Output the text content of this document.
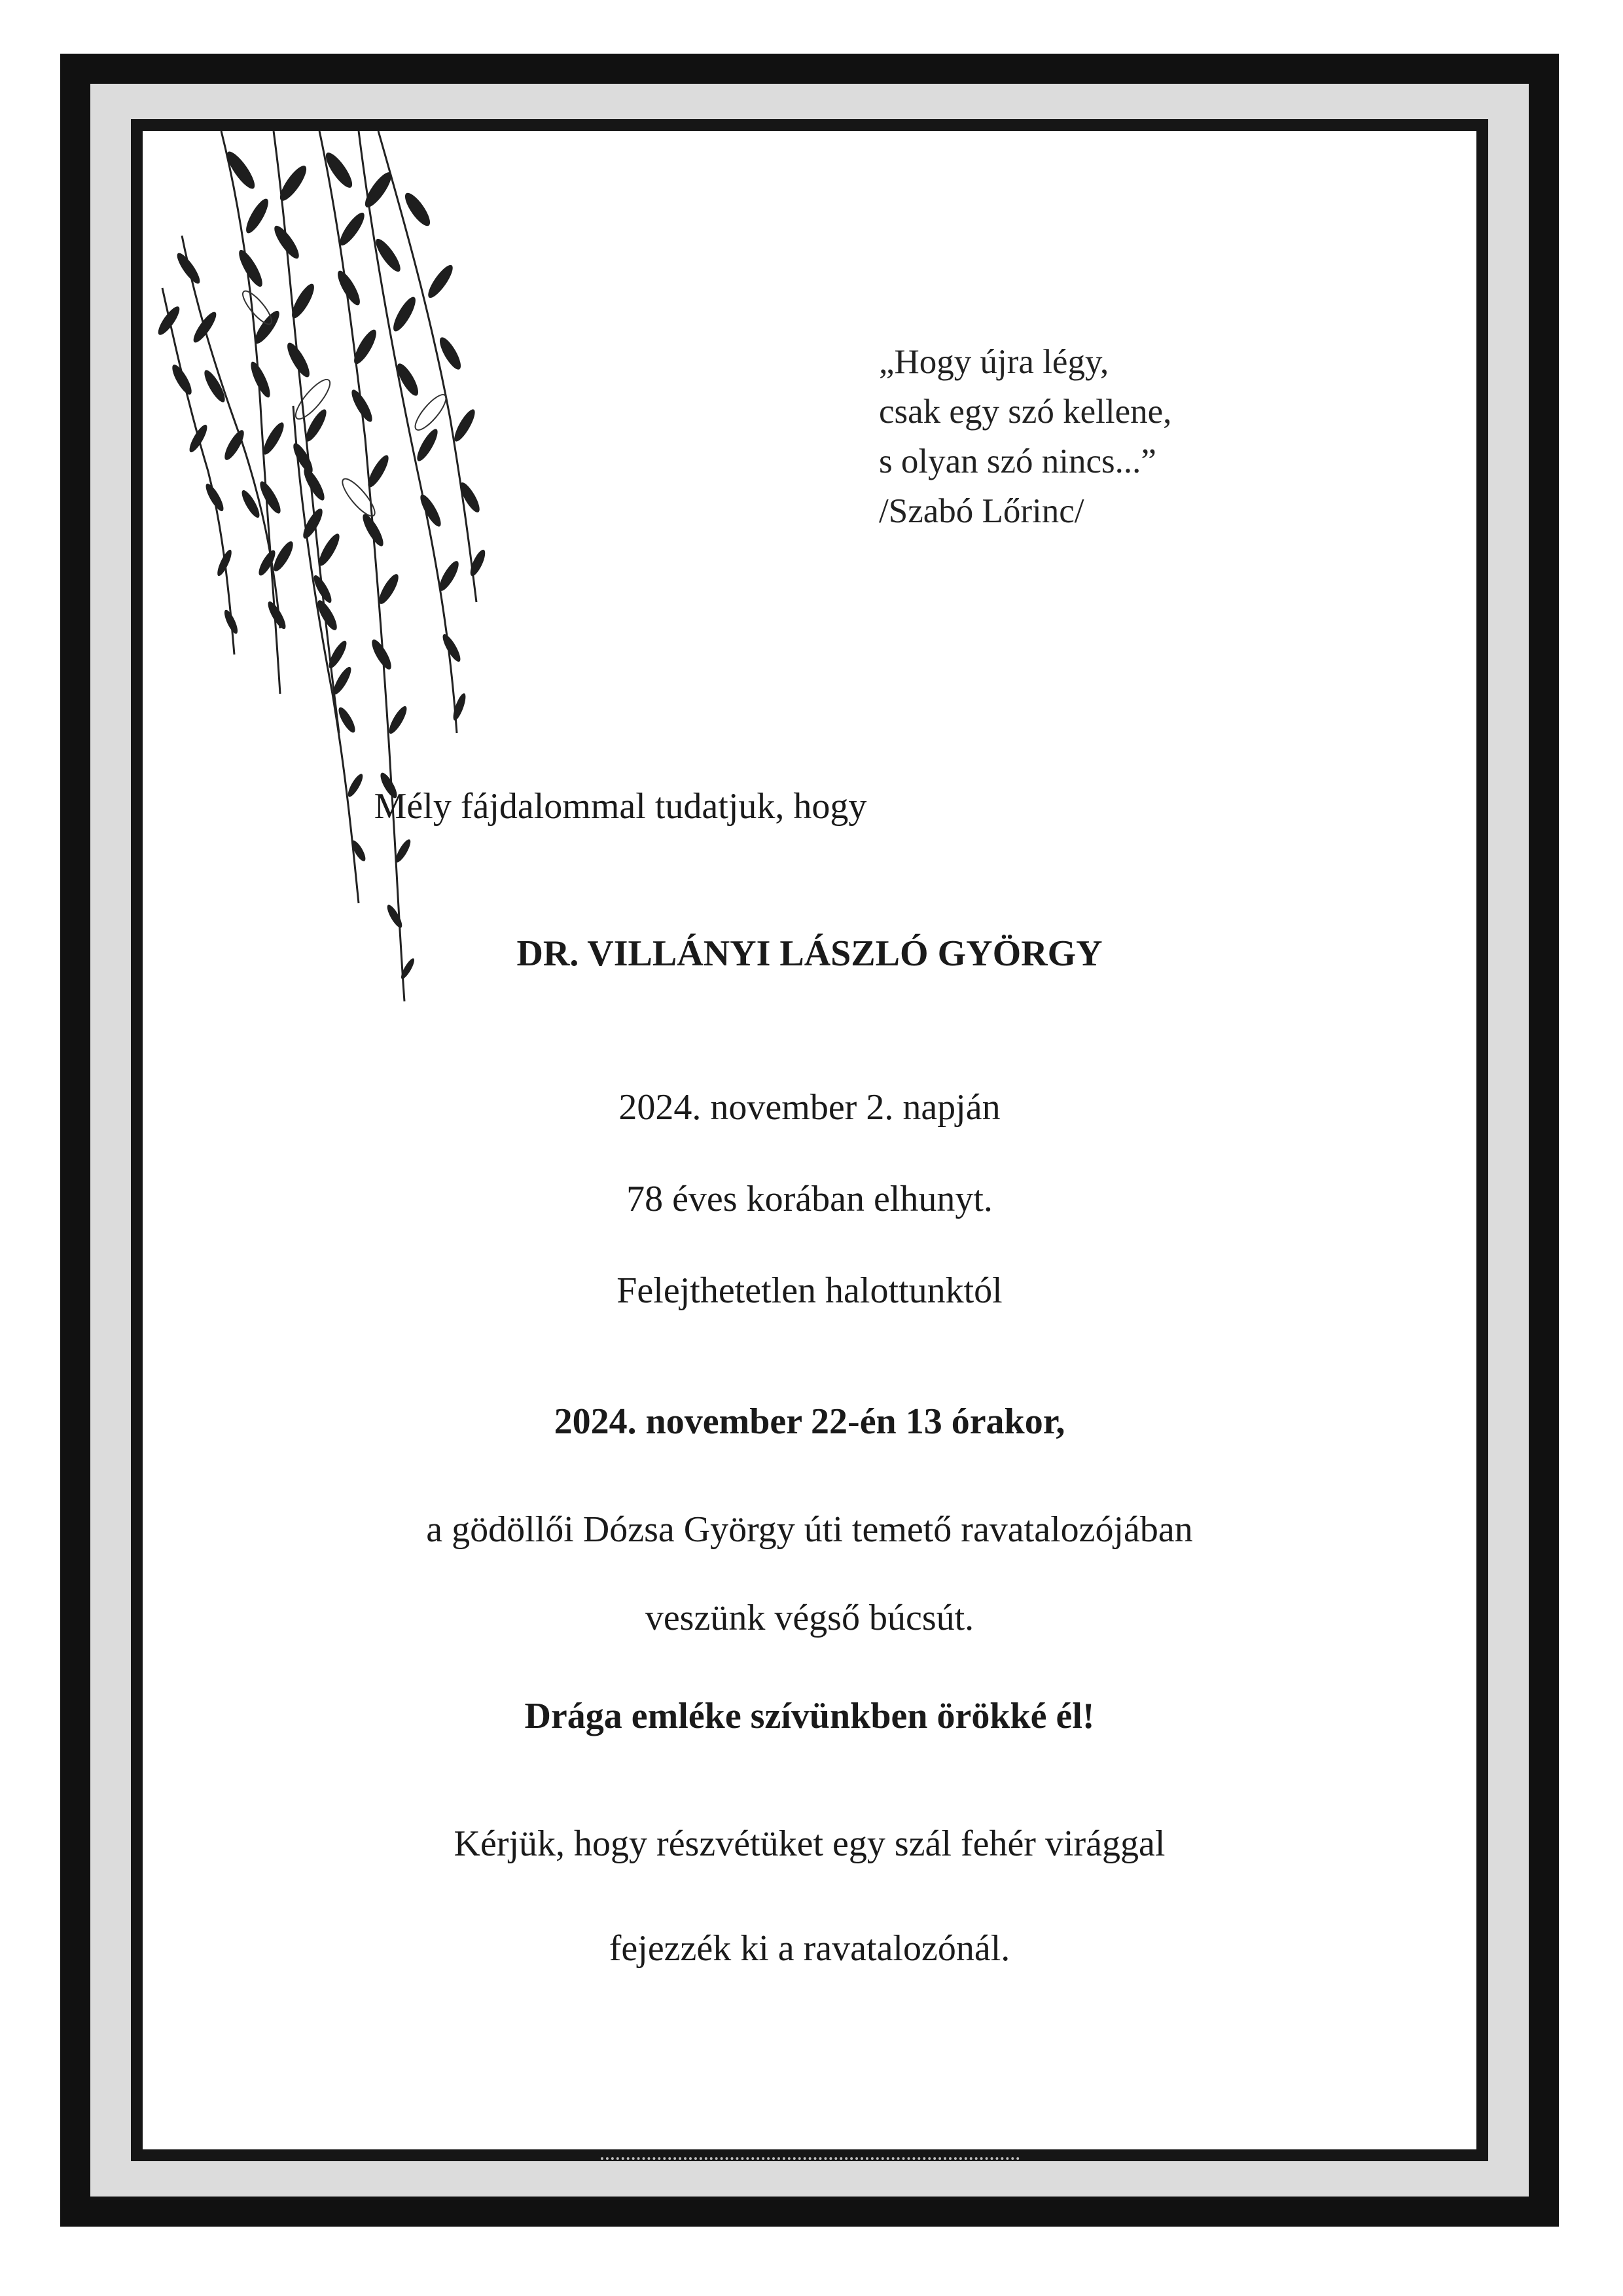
„Hogy újra légy,
csak egy szó kellene,
s olyan szó nincs...”
/Szabó Lőrinc/
Mély fájdalommal tudatjuk, hogy
DR. VILLÁNYI LÁSZLÓ GYÖRGY
2024. november 2. napján
78 éves korában elhunyt.
Felejthetetlen halottunktól
2024. november 22-én 13 órakor,
a gödöllői Dózsa György úti temető ravatalozójában
veszünk végső búcsút.
Drága emléke szívünkben örökké él!
Kérjük, hogy részvétüket egy szál fehér virággal
fejezzék ki a ravatalozónál.
